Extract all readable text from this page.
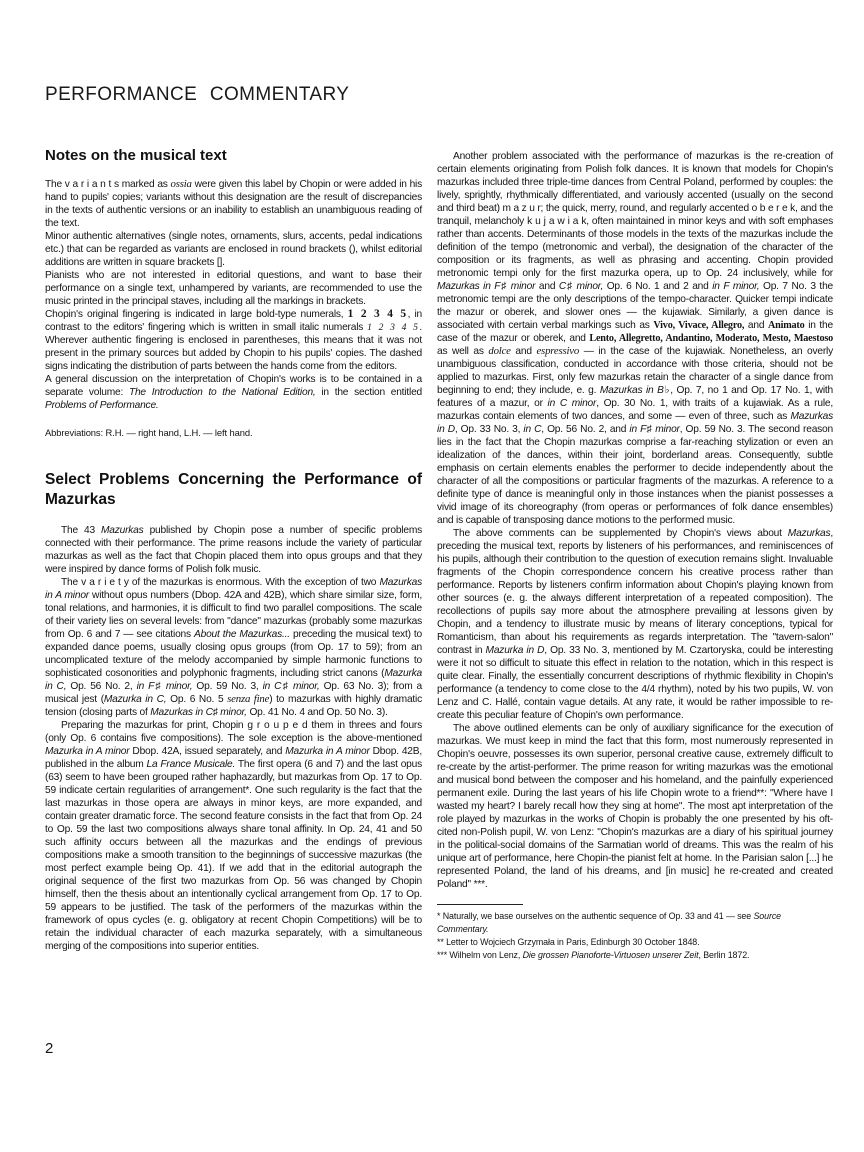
PERFORMANCE COMMENTARY
Notes on the musical text

The v a r i a n t s marked as ossia were given this label by Chopin or were added in his hand to pupils' copies; variants without this designation are the result of discrepancies in the texts of authentic versions or an inability to establish an unambiguous reading of the text.

Minor authentic alternatives (single notes, ornaments, slurs, accents, pedal indications etc.) that can be regarded as variants are enclosed in round brackets (), whilst editorial additions are written in square brackets [].

Pianists who are not interested in editorial questions, and want to base their performance on a single text, unhampered by variants, are recommended to use the music printed in the principal staves, including all the markings in brackets.

Chopin's original fingering is indicated in large bold-type numerals, 1 2 3 4 5, in contrast to the editors' fingering which is written in small italic numerals 1 2 3 4 5. Wherever authentic fingering is enclosed in parentheses, this means that it was not present in the primary sources but added by Chopin to his pupils' copies. The dashed signs indicating the distribution of parts between the hands come from the editors.

A general discussion on the interpretation of Chopin's works is to be contained in a separate volume: The Introduction to the National Edition, in the section entitled Problems of Performance.

Abbreviations: R.H. — right hand, L.H. — left hand.

Select Problems Concerning the Performance of Mazurkas

The 43 Mazurkas published by Chopin pose a number of specific problems connected with their performance. The prime reasons include the variety of particular mazurkas as well as the fact that Chopin placed them into opus groups and that they were inspired by dance forms of Polish folk music.

The v a r i e t y of the mazurkas is enormous. With the exception of two Mazurkas in A minor without opus numbers (Dbop. 42A and 42B), which share similar size, form, tonal relations, and harmonies, it is difficult to find two parallel compositions. The scale of their variety lies on several levels: from "dance" mazurkas (probably some mazurkas from Op. 6 and 7 — see citations About the Mazurkas... preceding the musical text) to expanded dance poems, usually closing opus groups (from Op. 17 to 59); from an uncomplicated texture of the melody accompanied by simple harmonic functions to sophisticated cosonorities and polyphonic fragments, including strict canons (Mazurka in C, Op. 56 No. 2, in F♯ minor, Op. 59 No. 3, in C♯ minor, Op. 63 No. 3); from a musical jest (Mazurka in C, Op. 6 No. 5 senza fine) to mazurkas with highly dramatic tension (closing parts of Mazurkas in C♯ minor, Op. 41 No. 4 and Op. 50 No. 3).

Preparing the mazurkas for print, Chopin g r o u p e d them in threes and fours (only Op. 6 contains five compositions). The sole exception is the above-mentioned Mazurka in A minor Dbop. 42A, issued separately, and Mazurka in A minor Dbop. 42B, published in the album La France Musicale. The first opera (6 and 7) and the last opus (63) seem to have been grouped rather haphazardly, but mazurkas from Op. 17 to Op. 59 indicate certain regularities of arrangement*. One such regularity is the fact that the last mazurkas in those opera are always in minor keys, are more expanded, and contain greater dramatic force. The second feature consists in the fact that from Op. 24 to Op. 59 the last two compositions always share tonal affinity. In Op. 24, 41 and 50 such affinity occurs between all the mazurkas and the endings of previous compositions make a smooth transition to the beginnings of successive mazurkas (the most perfect example being Op. 41). If we add that in the editorial autograph the original sequence of the first two mazurkas from Op. 56 was changed by Chopin himself, then the thesis about an intentionally cyclical arrangement from Op. 17 to Op. 59 appears to be justified. The task of the performers of the mazurkas within the framework of opus cycles (e. g. obligatory at recent Chopin Competitions) will be to retain the individual character of each mazurka separately, with a simultaneous merging of the compositions into superior entities.

Another problem associated with the performance of mazurkas is the re-creation of certain elements originating from Polish folk dances. It is known that models for Chopin's mazurkas included three triple-time dances from Central Poland, performed by couples: the lively, sprightly, rhythmically differentiated, and variously accented (usually on the second and third beat) m a z u r; the quick, merry, round, and regularly accented o b e r e k, and the tranquil, melancholy k u j a w i a k, often maintained in minor keys and with soft emphases rather than accents. Determinants of those models in the texts of the mazurkas include the definition of the tempo (metronomic and verbal), the designation of the character of the composition or its fragments, as well as phrasing and accenting. Chopin provided metronomic tempi only for the first mazurka opera, up to Op. 24 inclusively, while for Mazurkas in F♯ minor and C♯ minor, Op. 6 No. 1 and 2 and in F minor, Op. 7 No. 3 the metronomic tempi are the only descriptions of the tempo-character. Quicker tempi indicate the mazur or oberek, and slower ones — the kujawiak. Similarly, a given dance is associated with certain verbal markings such as Vivo, Vivace, Allegro, and Animato in the case of the mazur or oberek, and Lento, Allegretto, Andantino, Moderato, Mesto, Maestoso as well as dolce and espressivo — in the case of the kujawiak. Nonetheless, an overly unambiguous classification, conducted in accordance with those criteria, should not be applied to mazurkas. First, only few mazurkas retain the character of a single dance from beginning to end; they include, e. g. Mazurkas in B♭, Op. 7, no 1 and Op. 17 No. 1, with features of a mazur, or in C minor, Op. 30 No. 1, with traits of a kujawiak. As a rule, mazurkas contain elements of two dances, and some — even of three, such as Mazurkas in D, Op. 33 No. 3, in C, Op. 56 No. 2, and in F♯ minor, Op. 59 No. 3. The second reason lies in the fact that the Chopin mazurkas comprise a far-reaching stylization or even an idealization of the dances, within their joint, borderland areas. Consequently, subtle emphasis on certain elements enables the performer to decide independently about the character of all the compositions or particular fragments of the mazurkas. A reference to a definite type of dance is meaningful only in those instances when the pianist possesses a vivid image of its choreography (from operas or performances of folk dance ensembles) and is capable of transposing dance motions to the performed music.

The above comments can be supplemented by Chopin's views about Mazurkas, preceding the musical text, reports by listeners of his performances, and reminiscences of his pupils, although their contribution to the question of execution remains slight. Invaluable fragments of the Chopin correspondence concern his creative process rather than performance. Reports by listeners confirm information about Chopin's playing known from other sources (e. g. the always different interpretation of a repeated composition). The recollections of pupils say more about the atmosphere prevailing at lessons given by Chopin, and a tendency to illustrate music by means of literary conceptions, typical for Romanticism, than about his requirements as regards interpretation. The "tavern-salon" contrast in Mazurka in D, Op. 33 No. 3, mentioned by M. Czartoryska, could be interesting were it not so difficult to situate this effect in relation to the notation, which in this respect is quite clear. Finally, the essentially concurrent descriptions of rhythmic flexibility in Chopin's performance (a tendency to come close to the 4/4 rhythm), noted by his two pupils, W. von Lenz and C. Hallé, contain vague details. At any rate, it would be rather impossible to re-create this peculiar feature of Chopin's own performance.

The above outlined elements can be only of auxiliary significance for the execution of mazurkas. We must keep in mind the fact that this form, most numerously represented in Chopin's oeuvre, possesses its own superior, personal creative cause, extremely difficult to re-create by the artist-performer. The prime reason for writing mazurkas was the emotional and musical bond between the composer and his homeland, and the painfully experienced permanent exile. During the last years of his life Chopin wrote to a friend**: "Where have I wasted my heart? I barely recall how they sing at home". The most apt interpretation of the role played by mazurkas in the works of Chopin is probably the one presented by his oft-cited non-Polish pupil, W. von Lenz: "Chopin's mazurkas are a diary of his spiritual journey in the political-social domains of the Sarmatian world of dreams. This was the realm of his unique art of performance, here Chopin-the pianist felt at home. In the Parisian salon [...] he represented Poland, the land of his dreams, and [in music] he re-created and created Poland" ***.

* Naturally, we base ourselves on the authentic sequence of Op. 33 and 41 — see Source Commentary.

** Letter to Wojciech Grzymała in Paris, Edinburgh 30 October 1848.

*** Wilhelm von Lenz, Die grossen Pianoforte-Virtuosen unserer Zeit, Berlin 1872.

2
